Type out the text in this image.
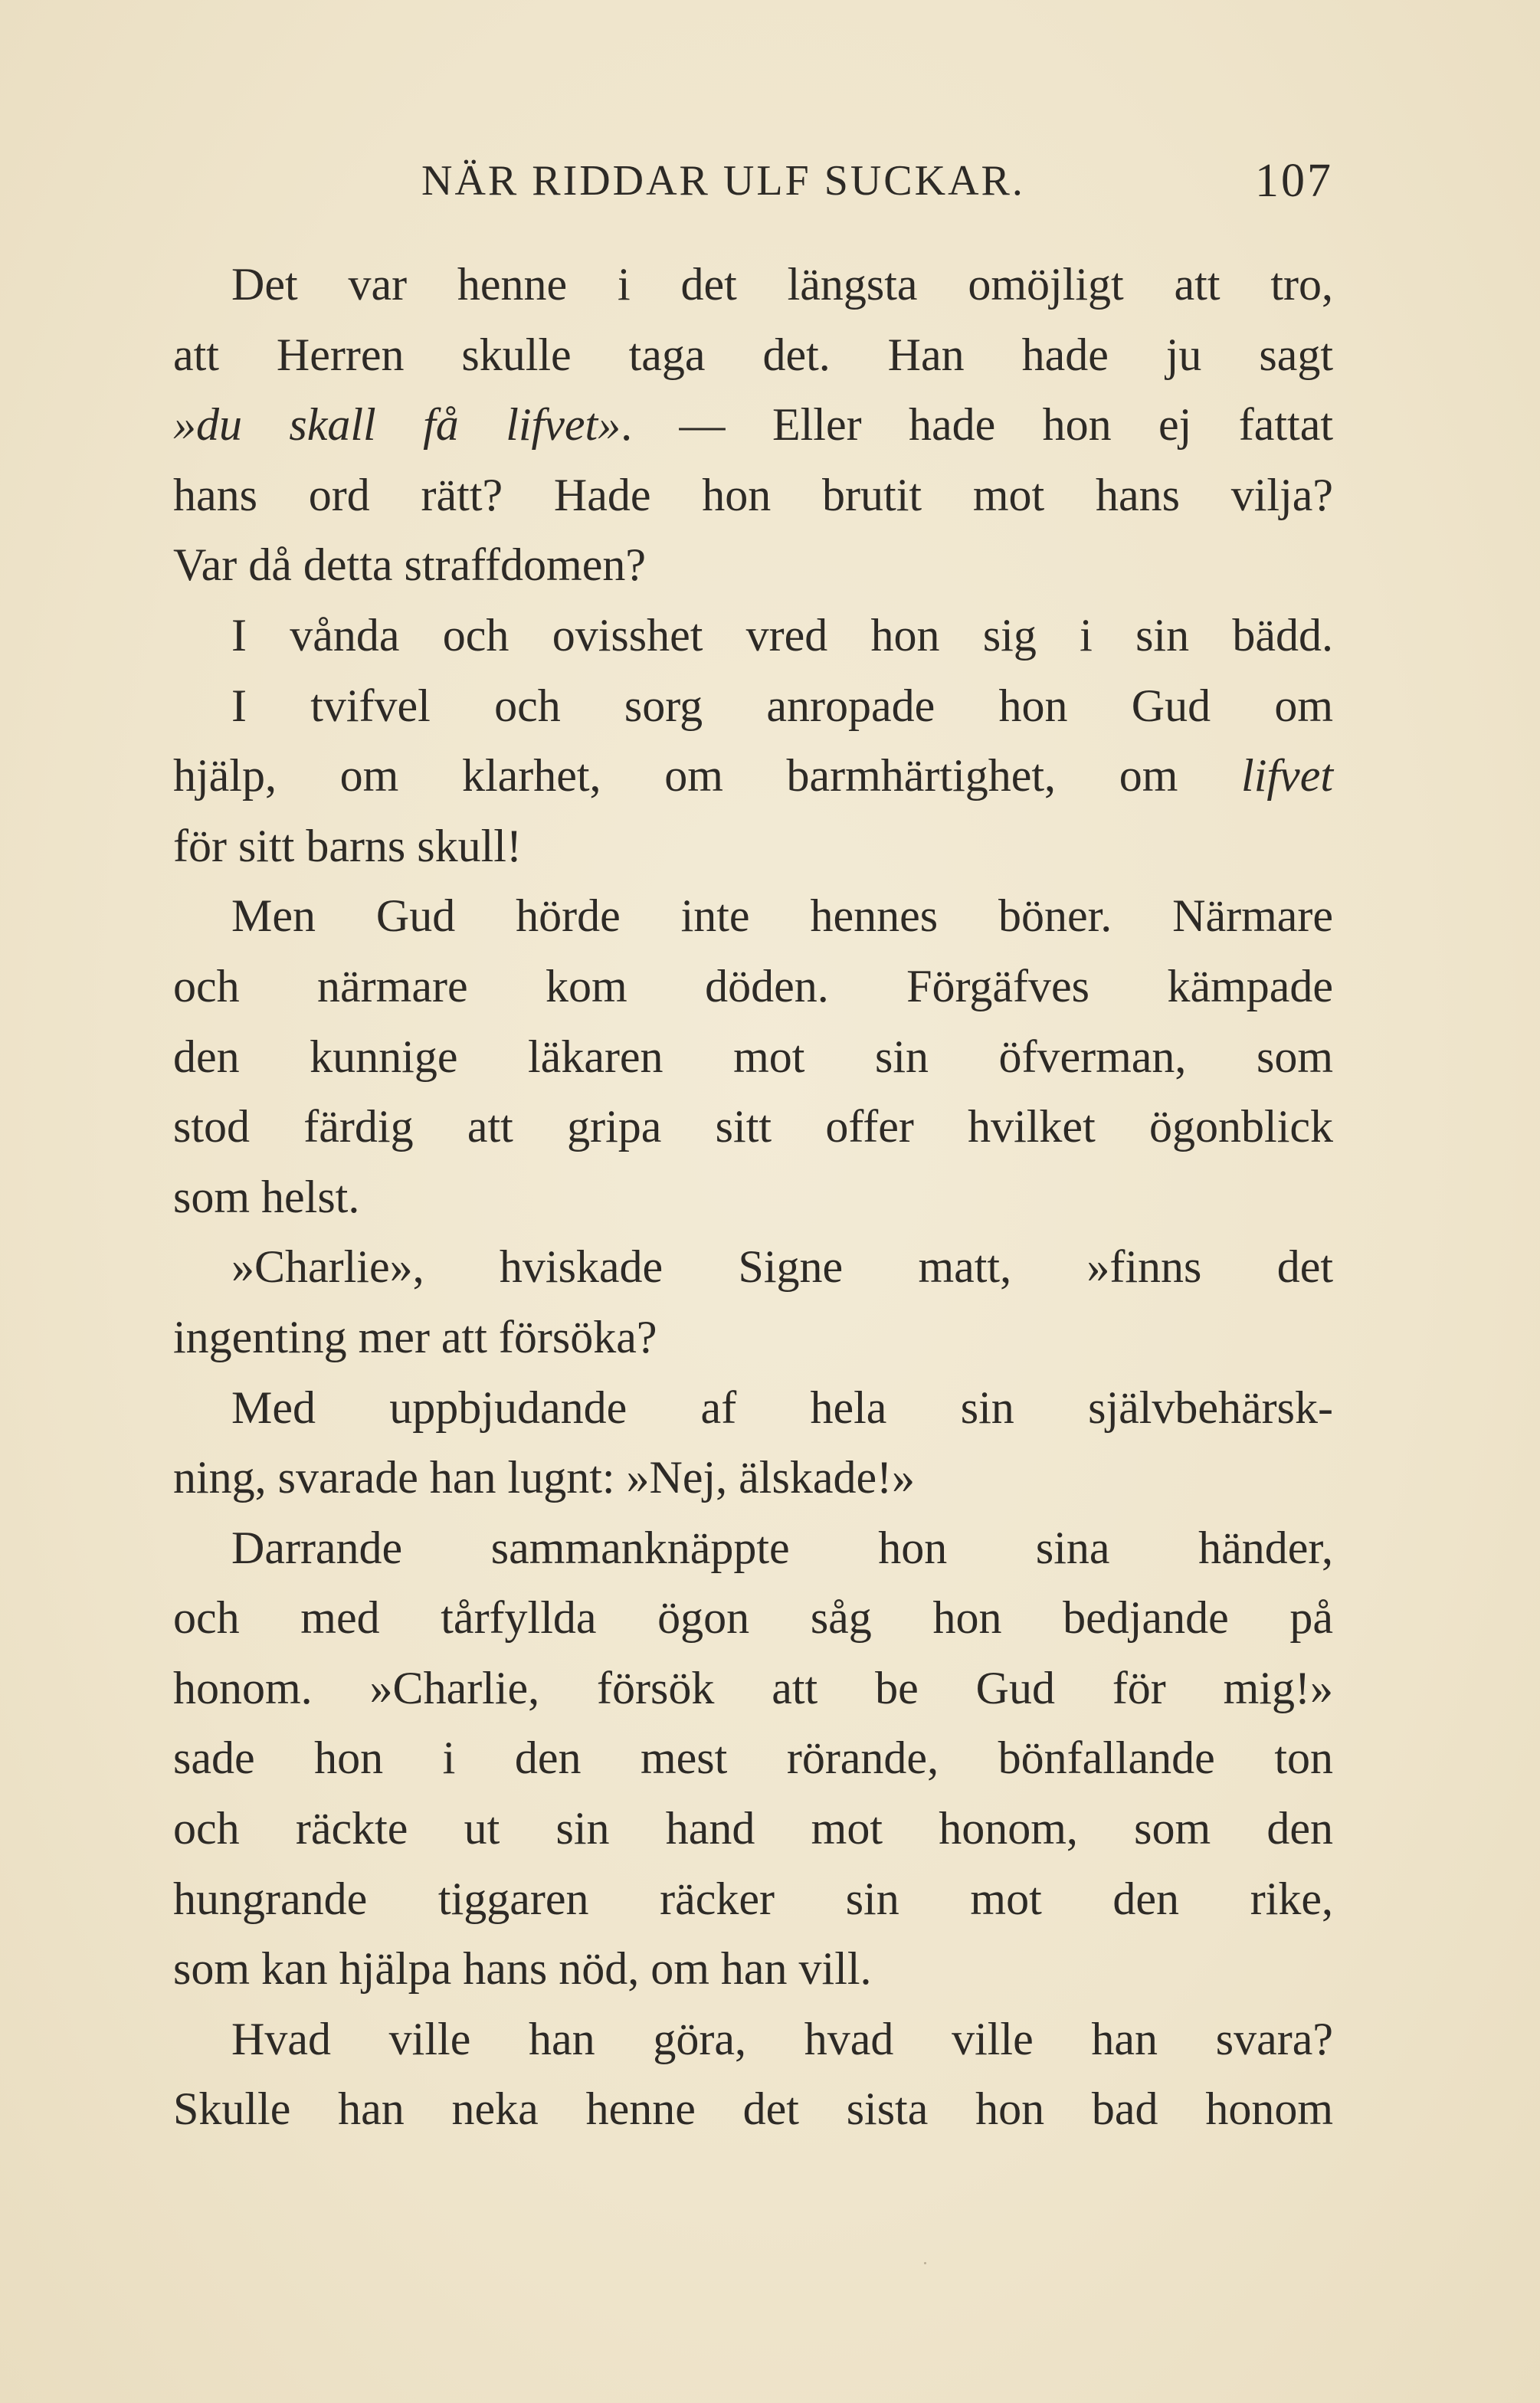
NÄR RIDDAR ULF SUCKAR.	107
Det var henne i det längsta omöjligt att tro,
att Herren skulle taga det. Han hade ju sagt
»du skall få lifvet». — Eller hade hon ej fattat
hans ord rätt? Hade hon brutit mot hans vilja?
Var då detta straffdomen?
I vånda och ovisshet vred hon sig i sin bädd.
I tvifvel och sorg anropade hon Gud om
hjälp, om klarhet, om barmhärtighet, om lifvet
för sitt barns skull!
Men Gud hörde inte hennes böner. Närmare
och närmare kom döden. Förgäfves kämpade
den kunnige läkaren mot sin öfverman, som
stod färdig att gripa sitt offer hvilket ögonblick
som helst.
»Charlie», hviskade Signe matt, »finns det
ingenting mer att försöka?
Med uppbjudande af hela sin självbehärsk-
ning, svarade han lugnt: »Nej, älskade!»
Darrande sammanknäppte hon sina händer,
och med tårfyllda ögon såg hon bedjande på
honom. »Charlie, försök att be Gud för mig!»
sade hon i den mest rörande, bönfallande ton
och räckte ut sin hand mot honom, som den
hungrande tiggaren räcker sin mot den rike,
som kan hjälpa hans nöd, om han vill.
Hvad ville han göra, hvad ville han svara?
Skulle han neka henne det sista hon bad honom
